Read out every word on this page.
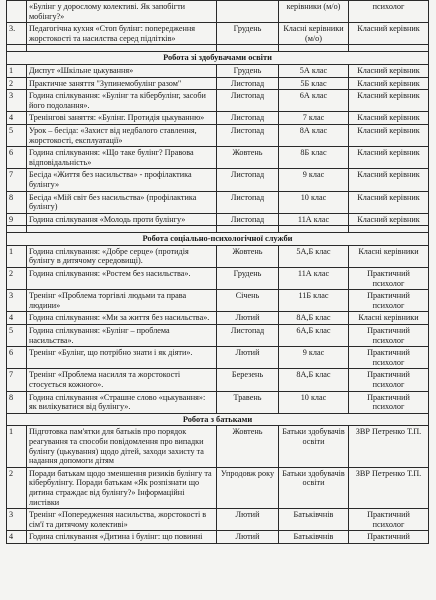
	«Булінг у дорослому колективі. Як запобігти мобінгу?»		керівники (м/о)	психолог
3.	Педагогічна кухня «Стоп булінг: попередження жорстокості та насилства серед підлітків»	Грудень	Класні керівники (м/о)	Класний керівник

Робота зі здобувачами освіти				
1	Диспут «Шкільне цькування»	Грудень	5А клас	Класний керівник
2	Практичне заняття "Зупинемобулінг разом"	Листопад	5Б клас	Класний керівник
3	Година спілкування: «Булінг та кібербулінг, засоби його подолання».	Листопад	6А клас	Класний керівник
4	Тренінгові заняття: «Булінг. Протидія цькуванню»	Листопад	7 клас	Класний керівник
5	Урок – бесіда: «Захист від недбалого ставлення, жорстокості, експлуатації»	Листопад	8А клас	Класний керівник
6	Година спілкування: «Що таке булінг? Правова відповідальність»	Жовтень	8Б клас	Класний керівник
7	Бесіда «Життя без насильства» - профілактика булінгу»	Листопад	9 клас	Класний керівник
8	Бесіда «Мій світ без насильства» (профілактика булінгу)	Листопад	10 клас	Класний керівник
9	Година спілкування «Молодь проти булінгу»	Листопад	11А клас	Класний керівник

Робота соціально-психологічної служби				
1	Година спілкування: «Добре серце» (протидія булінгу в дитячому середовищі).	Жовтень	5А,Б клас	Класні керівники
2	Година спілкування: «Ростем без насильства».	Грудень	11А клас	Практичний психолог
3	Тренінг «Проблема торгівлі людьми та права людини»	Січень	11Б клас	Практичний психолог
4	Година спілкування: «Ми за життя без насильства».	Лютий	8А,Б клас	Класні керівники
5	Година спілкування: «Булінг – проблема насильства».	Листопад	6А,Б клас	Практичний психолог
6	Тренінг «Булінг, що потрібно знати і як діяти».	Лютий	9 клас	Практичний психолог
7	Тренінг «Проблема насилля та жорстокості стосується кожного».	Березень	8А,Б клас	Практичний психолог
8	Година спілкування «Страшне слово «цькування»: як вилікуватися від булінгу».	Травень	10 клас	Практичний психолог
Робота з батьками				
1	Підготовка пам'ятки для батьків про порядок реагування та способи повідомлення про випадки булінгу (цькування) щодо дітей, заходи захисту та надання допомоги дітям	Жовтень	Батьки здобувачів освіти	ЗВР Петренко Т.П.
2	Поради батькам щодо зменшення ризиків булінгу та кібербулінгу. Поради батькам «Як розпізнати що дитина страждає від булінгу?» Інформаційні листівки	Упродовж року	Батьки здобувачів освіти	ЗВР Петренко Т.П.
3	Тренінг «Попередження насильства, жорстокості в сім'ї та дитячому колективі»	Лютий	Батьківчнів	Практичний психолог
4	Година спілкування «Дитина і булінг: що повинні	Лютий	Батьківчнів	Практичний
